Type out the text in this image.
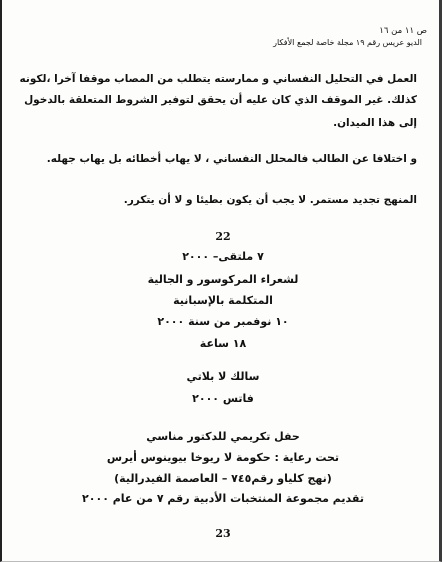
ص ١١ من ١٦
الديو عريس رقم ١٩ مجلة خاصة لجمع الأفكار
العمل في التحليل النفساني و ممارسته يتطلب من المصاب موقفا آخرا ،لكونه
كذلك. غير الموقف الذي كان عليه أن يحقق لتوفير الشروط المتعلقة بالدخول
إلى هذا الميدان.
و اختلافا عن الطالب فالمحلل النفساني ، لا يهاب أخطائه بل يهاب جهله.
المنهج تجديد مستمر. لا يجب أن يكون بطيئا و لا أن يتكرر.
22
٧ ملتقى– ٢٠٠٠
لشعراء المركوسور و الجالية
المتكلمة بالإسبانية
١٠ نوفمبر من سنة ٢٠٠٠
١٨ ساعة
سالك لا بلاتي
فاتس ٢٠٠٠
حفل تكريمي للدكتور مناسي
تحت رعاية : حكومة لا ريوخا بيوينوس أيرس
(نهج كلياو رقم٧٤٥ – العاصمة الفيدرالية)
تقديم مجموعة المنتخبات الأدبية رقم ٧ من عام ٢٠٠٠
23
